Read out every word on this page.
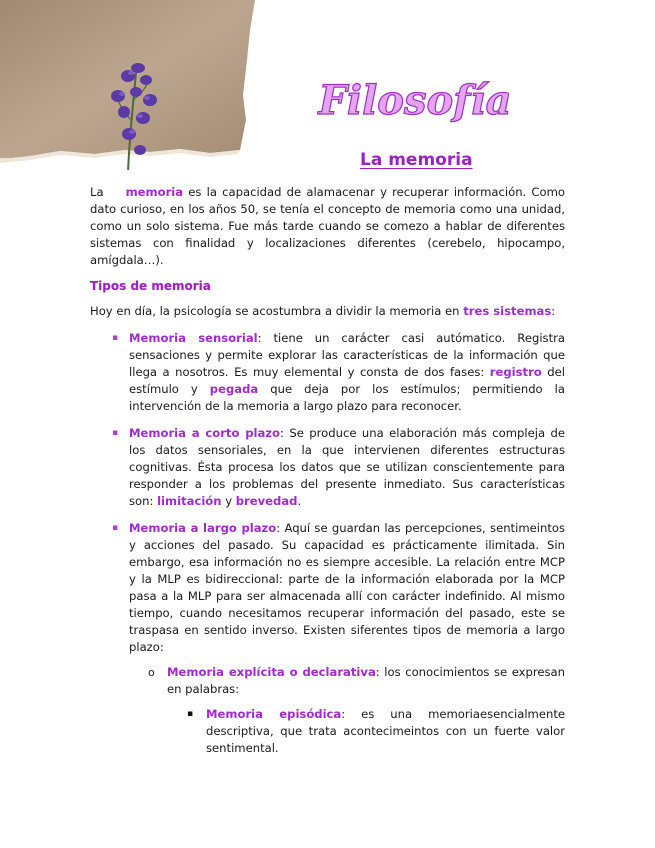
Filosofía
La memoria

La memoria es la capacidad de alamacenar y recuperar información. Como dato curioso, en los años 50, se tenía el concepto de memoria como una unidad, como un solo sistema. Fue más tarde cuando se comezo a hablar de diferentes sistemas con finalidad y localizaciones diferentes (cerebelo, hipocampo, amígdala…).

Tipos de memoria

Hoy en día, la psicología se acostumbra a dividir la memoria en tres sistemas:

▪ Memoria sensorial: tiene un carácter casi autómatico. Registra sensaciones y permite explorar las características de la información que llega a nosotros. Es muy elemental y consta de dos fases: registro del estímulo y pegada que deja por los estímulos; permitiendo la intervención de la memoria a largo plazo para reconocer.
▪ Memoria a corto plazo: Se produce una elaboración más compleja de los datos sensoriales, en la que intervienen diferentes estructuras cognitivas. Ésta procesa los datos que se utilizan conscientemente para responder a los problemas del presente inmediato. Sus características son: limitación y brevedad.
▪ Memoria a largo plazo: Aquí se guardan las percepciones, sentimeintos y acciones del pasado. Su capacidad es prácticamente ilimitada. Sin embargo, esa información no es siempre accesible. La relación entre MCP y la MLP es bidireccional: parte de la información elaborada por la MCP pasa a la MLP para ser almacenada allí con carácter indefinido. Al mismo tiempo, cuando necesitamos recuperar información del pasado, este se traspasa en sentido inverso. Existen siferentes tipos de memoria a largo plazo:
o Memoria explícita o declarativa: los conocimientos se expresan en palabras:
▪ Memoria episódica: es una memoriaesencialmente descriptiva, que trata acontecimeintos con un fuerte valor sentimental.
